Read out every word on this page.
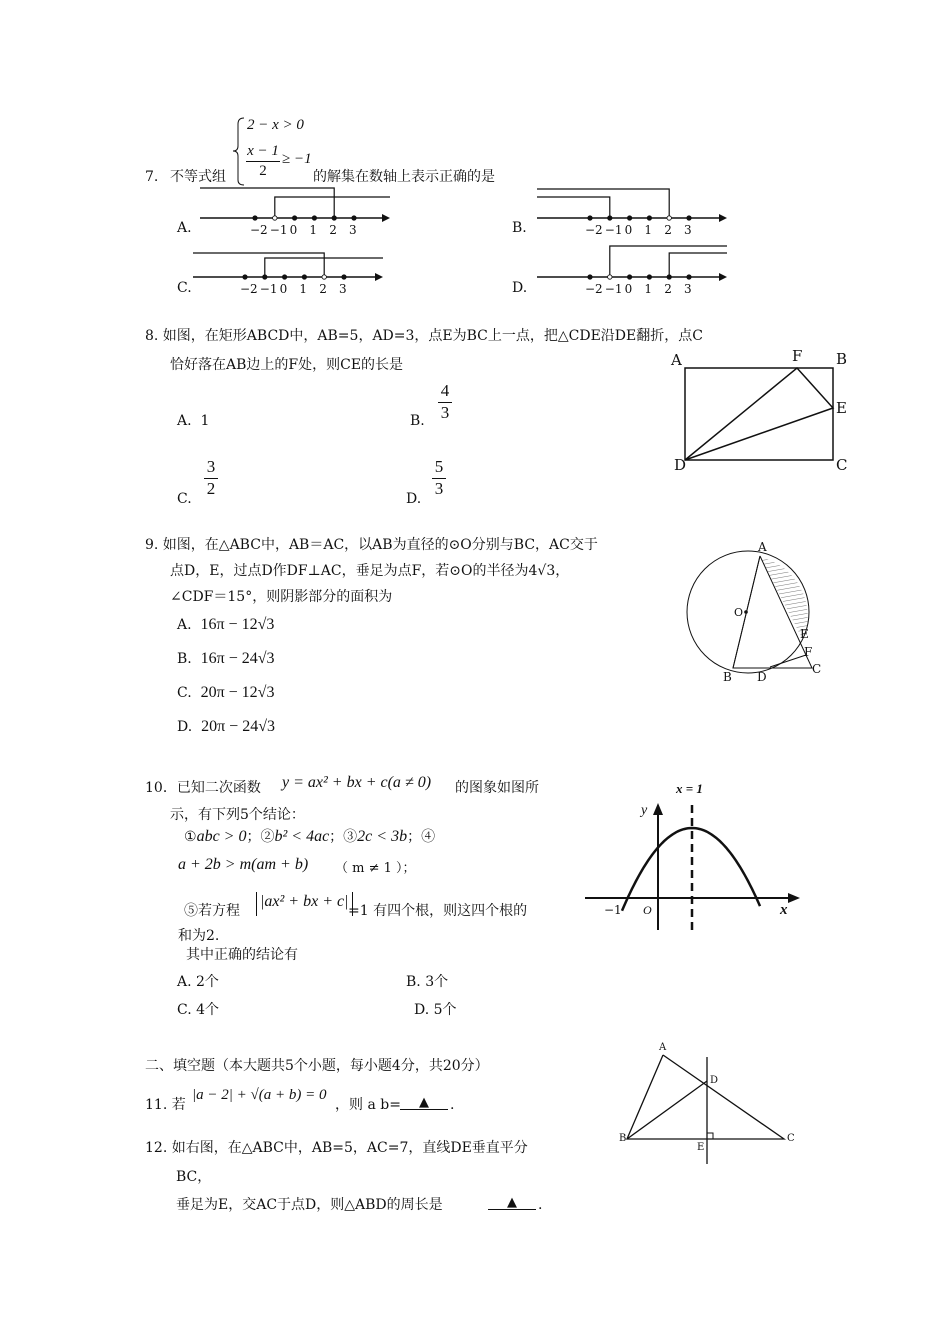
2 − x > 0
x − 1
2
≥ −1
7. 不等式组	的解集在数轴上表示正确的是
A.	B.
C.	D.
−2 −1 0 1 2 3	−2 −1 0 1 2 3
−2 −1 0 1 2 3	−2 −1 0 1 2 3
8. 如图，在矩形ABCD中，AB=5，AD=3，点E为BC上一点，把△CDE沿DE翻折，点C
恰好落在AB边上的F处，则CE的长是
A. 1	B.
4
3
C.
3
2
D.
5
3
A	F B
E
D	C
9. 如图，在△ABC中，AB＝AC，以AB为直径的⊙O分别与BC，AC交于
点D，E，过点D作DF⊥AC，垂足为点F，若⊙O的半径为4√3，
∠CDF＝15°，则阴影部分的面积为
A. 16π − 12√3
B. 16π − 24√3
C. 20π − 12√3
D. 20π − 24√3
A
O
E
F
C
B D
10．已知二次函数 y = ax² + bx + c(a ≠ 0) 的图象如图所
示，有下列5个结论：
①abc > 0；②b² < 4ac；③2c < 3b；④
a + 2b > m(am + b) （ m ≠ 1 ）；
⑤若方程
|ax² + bx + c|
=1 有四个根，则这四个根的
和为2.
其中正确的结论有
A. 2个	B. 3个
C. 4个	D. 5个
x = 1
y
−1 O	x
二、填空题（本大题共5个小题，每小题4分，共20分）
11. 若
|a − 2| + √(a + b) = 0
，则 a b=	▲	.
12. 如右图，在△ABC中，AB=5，AC=7，直线DE垂直平分
BC，
垂足为E，交AC于点D，则△ABD的周长是	▲	.
A
B	C
D
E
